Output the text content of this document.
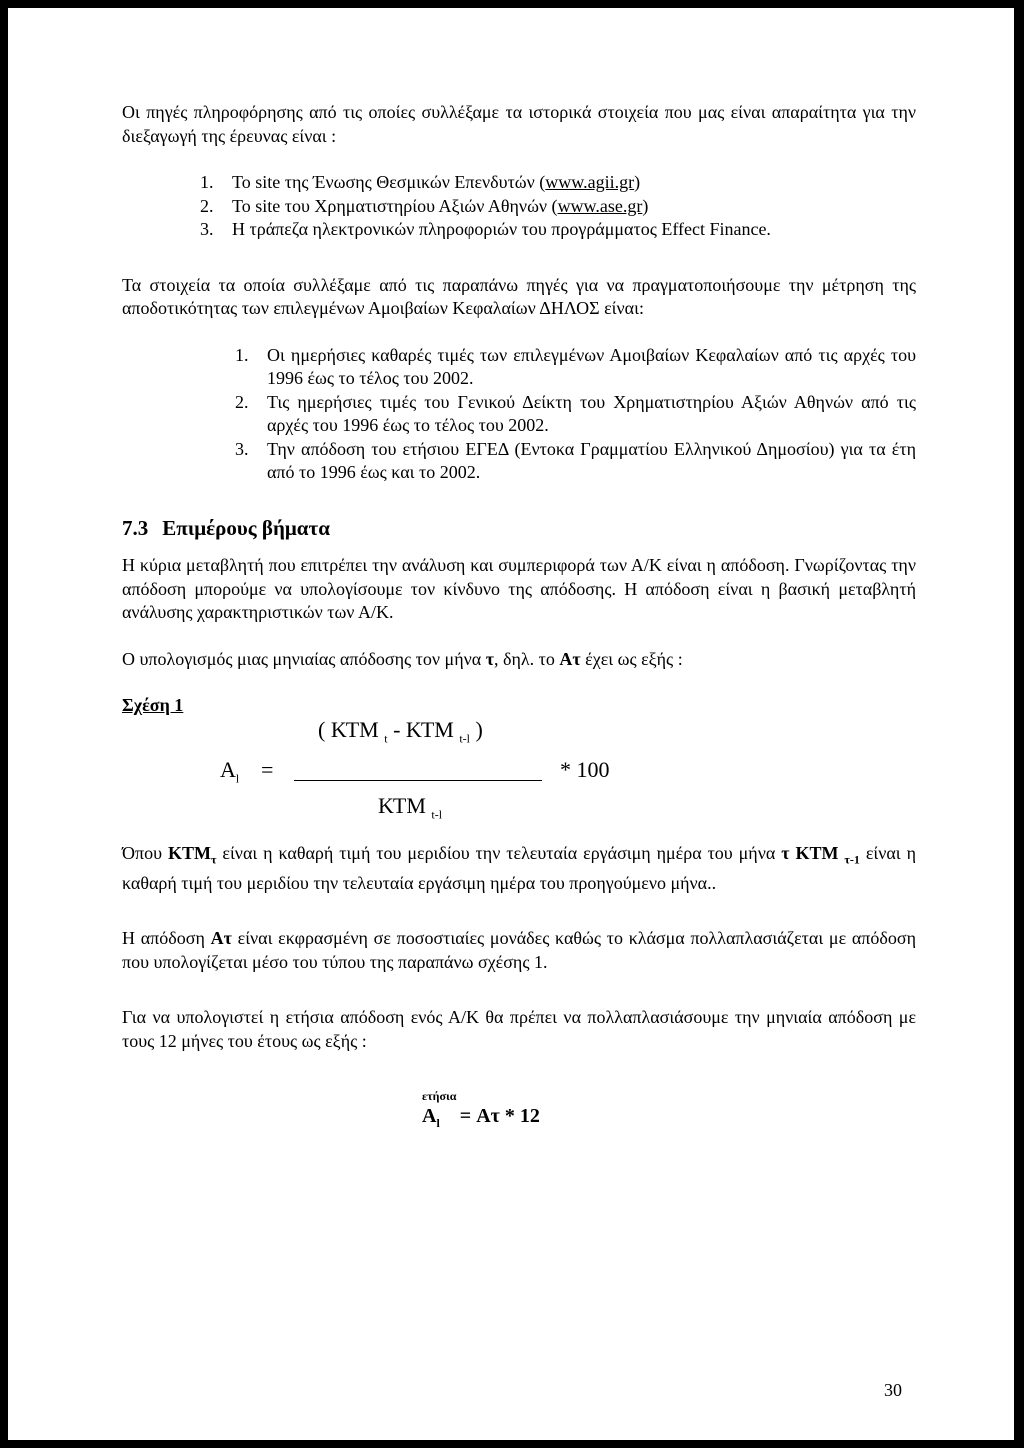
Οι πηγές πληροφόρησης από τις οποίες συλλέξαμε τα ιστορικά στοιχεία που μας είναι απαραίτητα για την διεξαγωγή της έρευνας είναι :

1. Το site της Ένωσης Θεσμικών Επενδυτών (www.agii.gr)
2. Το site του Χρηματιστηρίου Αξιών Αθηνών (www.ase.gr)
3. Η τράπεζα ηλεκτρονικών πληροφοριών του προγράμματος Effect Finance.

Τα στοιχεία τα οποία συλλέξαμε από τις παραπάνω πηγές για να πραγματοποιήσουμε την μέτρηση της αποδοτικότητας των επιλεγμένων Αμοιβαίων Κεφαλαίων ΔΗΛΟΣ είναι:

1. Οι ημερήσιες καθαρές τιμές των επιλεγμένων Αμοιβαίων Κεφαλαίων από τις αρχές του 1996 έως το τέλος του 2002.
2. Τις ημερήσιες τιμές του Γενικού Δείκτη του Χρηματιστηρίου Αξιών Αθηνών από τις αρχές του 1996 έως το τέλος του 2002.
3. Την απόδοση του ετήσιου ΕΓΕΔ (Εντοκα Γραμματίου Ελληνικού Δημοσίου) για τα έτη από το 1996 έως και το 2002.
7.3 Επιμέρους βήματα

Η κύρια μεταβλητή που επιτρέπει την ανάλυση και συμπεριφορά των Α/Κ είναι η απόδοση. Γνωρίζοντας την απόδοση μπορούμε να υπολογίσουμε τον κίνδυνο της απόδοσης. Η απόδοση είναι η βασική μεταβλητή ανάλυσης χαρακτηριστικών των Α/Κ.

Ο υπολογισμός μιας μηνιαίας απόδοσης τον μήνα τ, δηλ. το Ατ έχει ως εξής :

Σχέση 1

$A_l$ =
( ΚΤΜ $_t$ - ΚΤΜ $_{t-l}$ )
* 100
ΚΤΜ $_{t-l}$

Όπου $KTM_\tau$ είναι η καθαρή τιμή του μεριδίου την τελευταία εργάσιμη ημέρα του μήνα τ ΚΤΜ $_{\tau-1}$ είναι η καθαρή τιμή του μεριδίου την τελευταία εργάσιμη ημέρα του προηγούμενο μήνα..

Η απόδοση Ατ είναι εκφρασμένη σε ποσοστιαίες μονάδες καθώς το κλάσμα πολλαπλασιάζεται με απόδοση που υπολογίζεται μέσο του τύπου της παραπάνω σχέσης 1.

Για να υπολογιστεί η ετήσια απόδοση ενός Α/Κ θα πρέπει να πολλαπλασιάσουμε την μηνιαία απόδοση με τους 12 μήνες του έτους ως εξής :

ετήσια
$A_l = A\tau * 12$
30
